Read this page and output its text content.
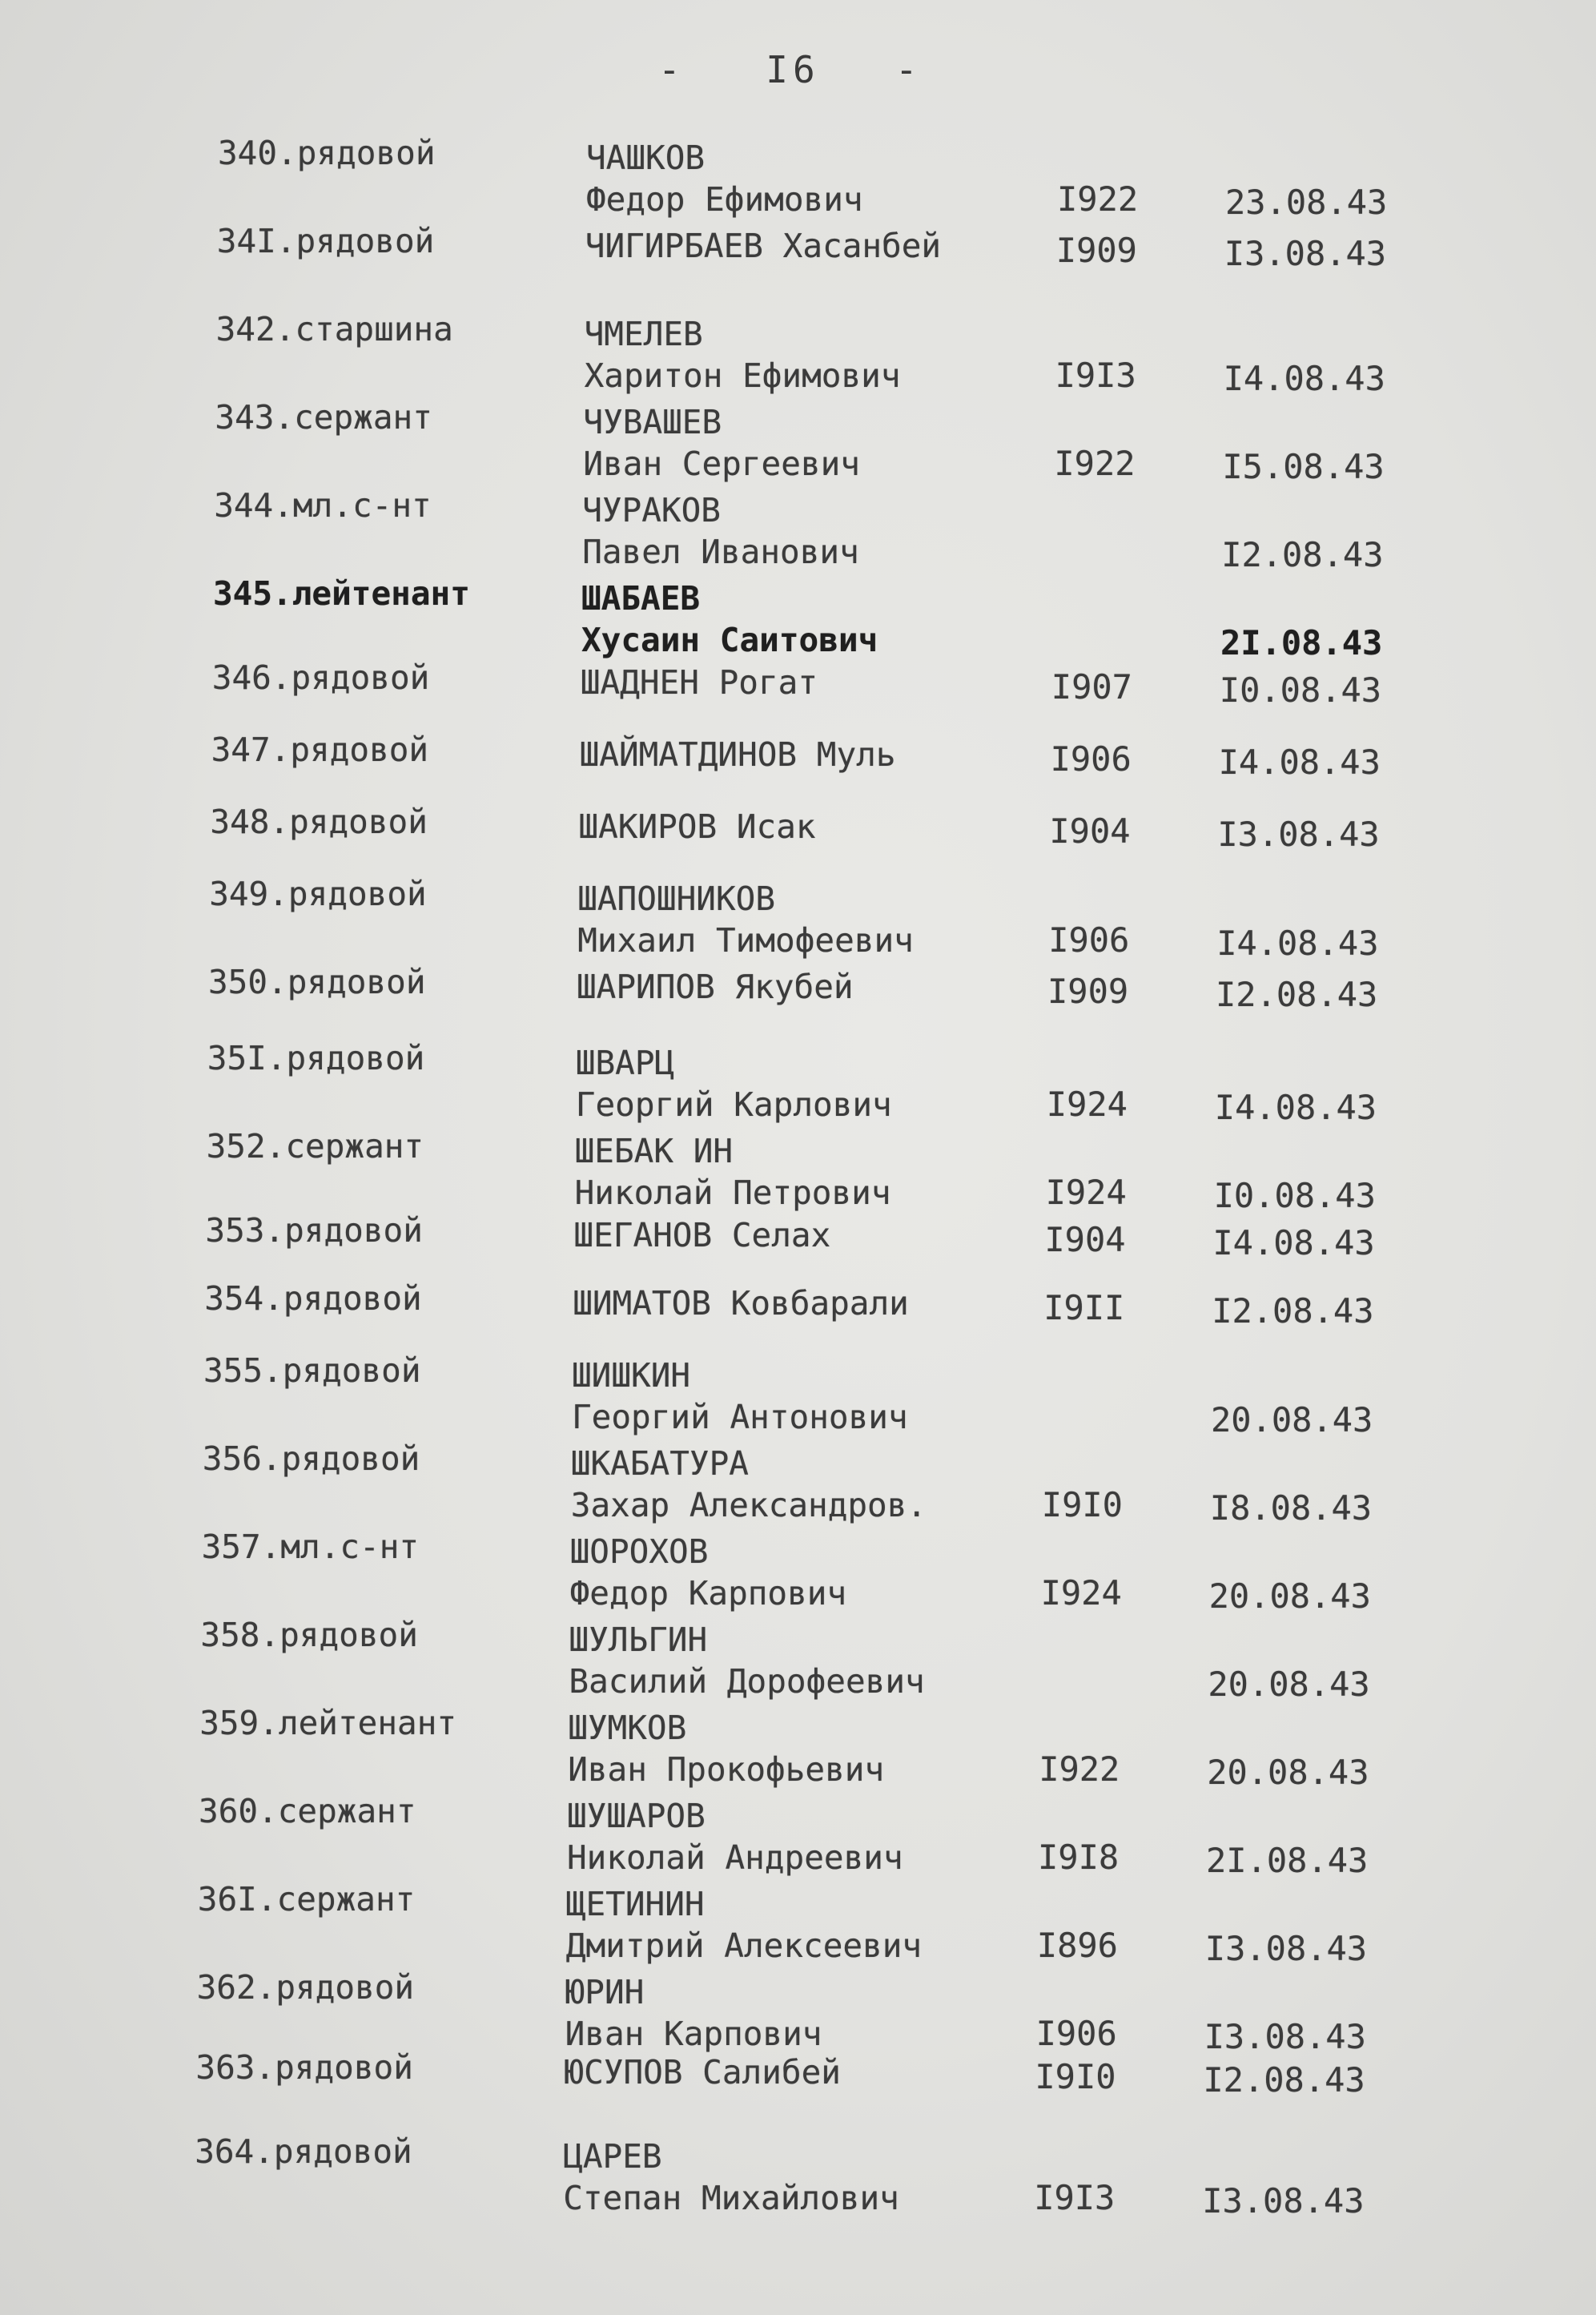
-	I6	-
340.рядовой	ЧАШКОВ
Федор Ефимович	I922	23.08.43
34I.рядовой	ЧИГИРБАЕВ Хасанбей	I909	I3.08.43
342.старшина	ЧМЕЛЕВ
Харитон Ефимович	I9I3	I4.08.43
343.сержант	ЧУВАШЕВ
Иван Сергеевич	I922	I5.08.43
344.мл.с-нт	ЧУРАКОВ
Павел Иванович	I2.08.43
345.лейтенант	ШАБАЕВ
Хусаин Саитович	2I.08.43
346.рядовой	ШАДНЕН Рогат	I907	I0.08.43
347.рядовой	ШАЙМАТДИНОВ Муль	I906	I4.08.43
348.рядовой	ШАКИРОВ Исак	I904	I3.08.43
349.рядовой	ШАПОШНИКОВ
Михаил Тимофеевич	I906	I4.08.43
350.рядовой	ШАРИПОВ Якубей	I909	I2.08.43
35I.рядовой	ШВАРЦ
Георгий Карлович	I924	I4.08.43
352.сержант	ШЕБАК ИН
Николай Петрович	I924	I0.08.43
353.рядовой	ШЕГАНОВ Селах	I904	I4.08.43
354.рядовой	ШИМАТОВ Ковбарали	I9II	I2.08.43
355.рядовой	ШИШКИН
Георгий Антонович	20.08.43
356.рядовой	ШКАБАТУРА
Захар Александров.	I9I0	I8.08.43
357.мл.с-нт	ШОРОХОВ
Федор Карпович	I924	20.08.43
358.рядовой	ШУЛЬГИН
Василий Дорофеевич	20.08.43
359.лейтенант	ШУМКОВ
Иван Прокофьевич	I922	20.08.43
360.сержант	ШУШАРОВ
Николай Андреевич	I9I8	2I.08.43
36I.сержант	ЩЕТИНИН
Дмитрий Алексеевич	I896	I3.08.43
362.рядовой	ЮРИН
Иван Карпович	I906	I3.08.43
363.рядовой	ЮСУПОВ Салибей	I9I0	I2.08.43
364.рядовой	ЦАРЕВ
Степан Михайлович	I9I3	I3.08.43
